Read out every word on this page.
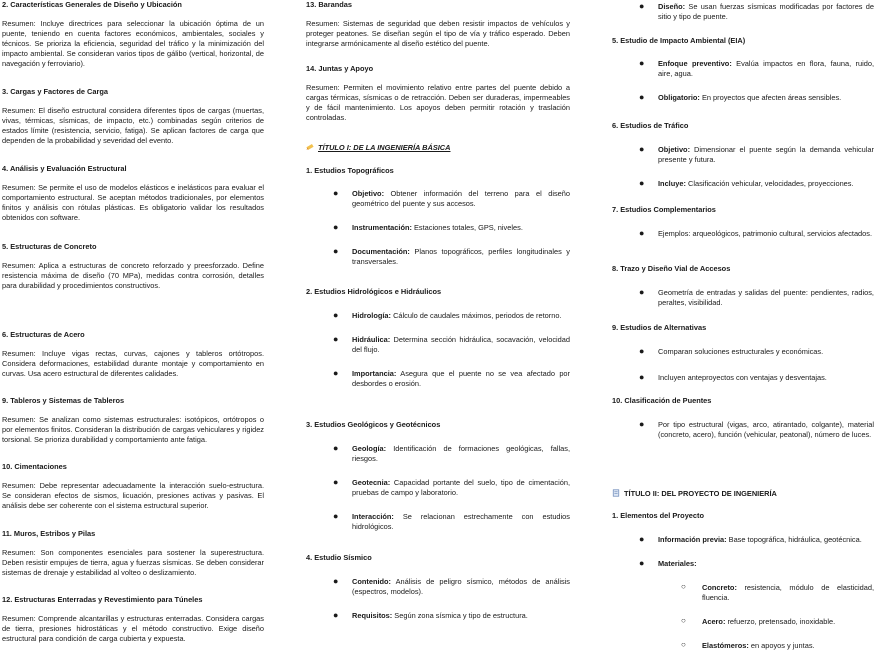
2. Características Generales de Diseño y Ubicación

Resumen: Incluye directrices para seleccionar la ubicación óptima de un puente, teniendo en cuenta factores económicos, ambientales, sociales y técnicos. Se prioriza la eficiencia, seguridad del tráfico y la minimización del impacto ambiental. Se consideran varios tipos de gálibo (vertical, horizontal, de navegación y ferroviario).

3. Cargas y Factores de Carga

Resumen: El diseño estructural considera diferentes tipos de cargas (muertas, vivas, térmicas, sísmicas, de impacto, etc.) combinadas según criterios de estados límite (resistencia, servicio, fatiga). Se aplican factores de carga que dependen de la probabilidad y severidad del evento.

4. Análisis y Evaluación Estructural

Resumen: Se permite el uso de modelos elásticos e inelásticos para evaluar el comportamiento estructural. Se aceptan métodos tradicionales, por elementos finitos y análisis con rótulas plásticas. Es obligatorio validar los resultados obtenidos con software.

5. Estructuras de Concreto

Resumen: Aplica a estructuras de concreto reforzado y preesforzado. Define resistencia máxima de diseño (70 MPa), medidas contra corrosión, detalles para durabilidad y procedimientos constructivos.

6. Estructuras de Acero

Resumen: Incluye vigas rectas, curvas, cajones y tableros ortótropos. Considera deformaciones, estabilidad durante montaje y comportamiento en curvas. Usa acero estructural de diferentes calidades.

9. Tableros y Sistemas de Tableros

Resumen: Se analizan como sistemas estructurales: isotópicos, ortótropos o por elementos finitos. Consideran la distribución de cargas vehiculares y rigidez torsional. Se prioriza durabilidad y comportamiento ante fatiga.

10. Cimentaciones

Resumen: Debe representar adecuadamente la interacción suelo-estructura. Se consideran efectos de sismos, licuación, presiones activas y pasivas. El análisis debe ser coherente con el sistema estructural superior.

11. Muros, Estribos y Pilas

Resumen: Son componentes esenciales para sostener la superestructura. Deben resistir empujes de tierra, agua y fuerzas sísmicas. Se deben considerar sistemas de drenaje y estabilidad al volteo o deslizamiento.

12. Estructuras Enterradas y Revestimiento para Túneles

Resumen: Comprende alcantarillas y estructuras enterradas. Considera cargas de tierra, presiones hidrostáticas y el método constructivo. Exige diseño estructural para condición de carga cubierta y expuesta.

13. Barandas

Resumen: Sistemas de seguridad que deben resistir impactos de vehículos y proteger peatones. Se diseñan según el tipo de vía y tráfico esperado. Deben integrarse armónicamente al diseño estético del puente.

14. Juntas y Apoyo

Resumen: Permiten el movimiento relativo entre partes del puente debido a cargas térmicas, sísmicas o de retracción. Deben ser duraderas, impermeables y de fácil mantenimiento. Los apoyos deben permitir rotación y traslación controladas.

TÍTULO I: DE LA INGENIERÍA BÁSICA
1. Estudios Topográficos

● Objetivo: Obtener información del terreno para el diseño geométrico del puente y sus accesos.

● Instrumentación: Estaciones totales, GPS, niveles.

● Documentación: Planos topográficos, perfiles longitudinales y transversales.

2. Estudios Hidrológicos e Hidráulicos

● Hidrología: Cálculo de caudales máximos, periodos de retorno.

● Hidráulica: Determina sección hidráulica, socavación, velocidad del flujo.

● Importancia: Asegura que el puente no se vea afectado por desbordes o erosión.

3. Estudios Geológicos y Geotécnicos

● Geología: Identificación de formaciones geológicas, fallas, riesgos.

● Geotecnia: Capacidad portante del suelo, tipo de cimentación, pruebas de campo y laboratorio.

● Interacción: Se relacionan estrechamente con estudios hidrológicos.

4. Estudio Sísmico

● Contenido: Análisis de peligro sísmico, métodos de análisis (espectros, modelos).

● Requisitos: Según zona sísmica y tipo de estructura.

● Diseño: Se usan fuerzas sísmicas modificadas por factores de sitio y tipo de puente.

5. Estudio de Impacto Ambiental (EIA)

● Enfoque preventivo: Evalúa impactos en flora, fauna, ruido, aire, agua.

● Obligatorio: En proyectos que afecten áreas sensibles.

6. Estudios de Tráfico

● Objetivo: Dimensionar el puente según la demanda vehicular presente y futura.

● Incluye: Clasificación vehicular, velocidades, proyecciones.

7. Estudios Complementarios

● Ejemplos: arqueológicos, patrimonio cultural, servicios afectados.

8. Trazo y Diseño Vial de Accesos

● Geometría de entradas y salidas del puente: pendientes, radios, peraltes, visibilidad.

9. Estudios de Alternativas

● Comparan soluciones estructurales y económicas.

● Incluyen anteproyectos con ventajas y desventajas.

10. Clasificación de Puentes

● Por tipo estructural (vigas, arco, atirantado, colgante), material (concreto, acero), función (vehicular, peatonal), número de luces.

TÍTULO II: DEL PROYECTO DE INGENIERÍA
1. Elementos del Proyecto

● Información previa: Base topográfica, hidráulica, geotécnica.

● Materiales:

○ Concreto: resistencia, módulo de elasticidad, fluencia.

○ Acero: refuerzo, pretensado, inoxidable.

○ Elastómeros: en apoyos y juntas.
